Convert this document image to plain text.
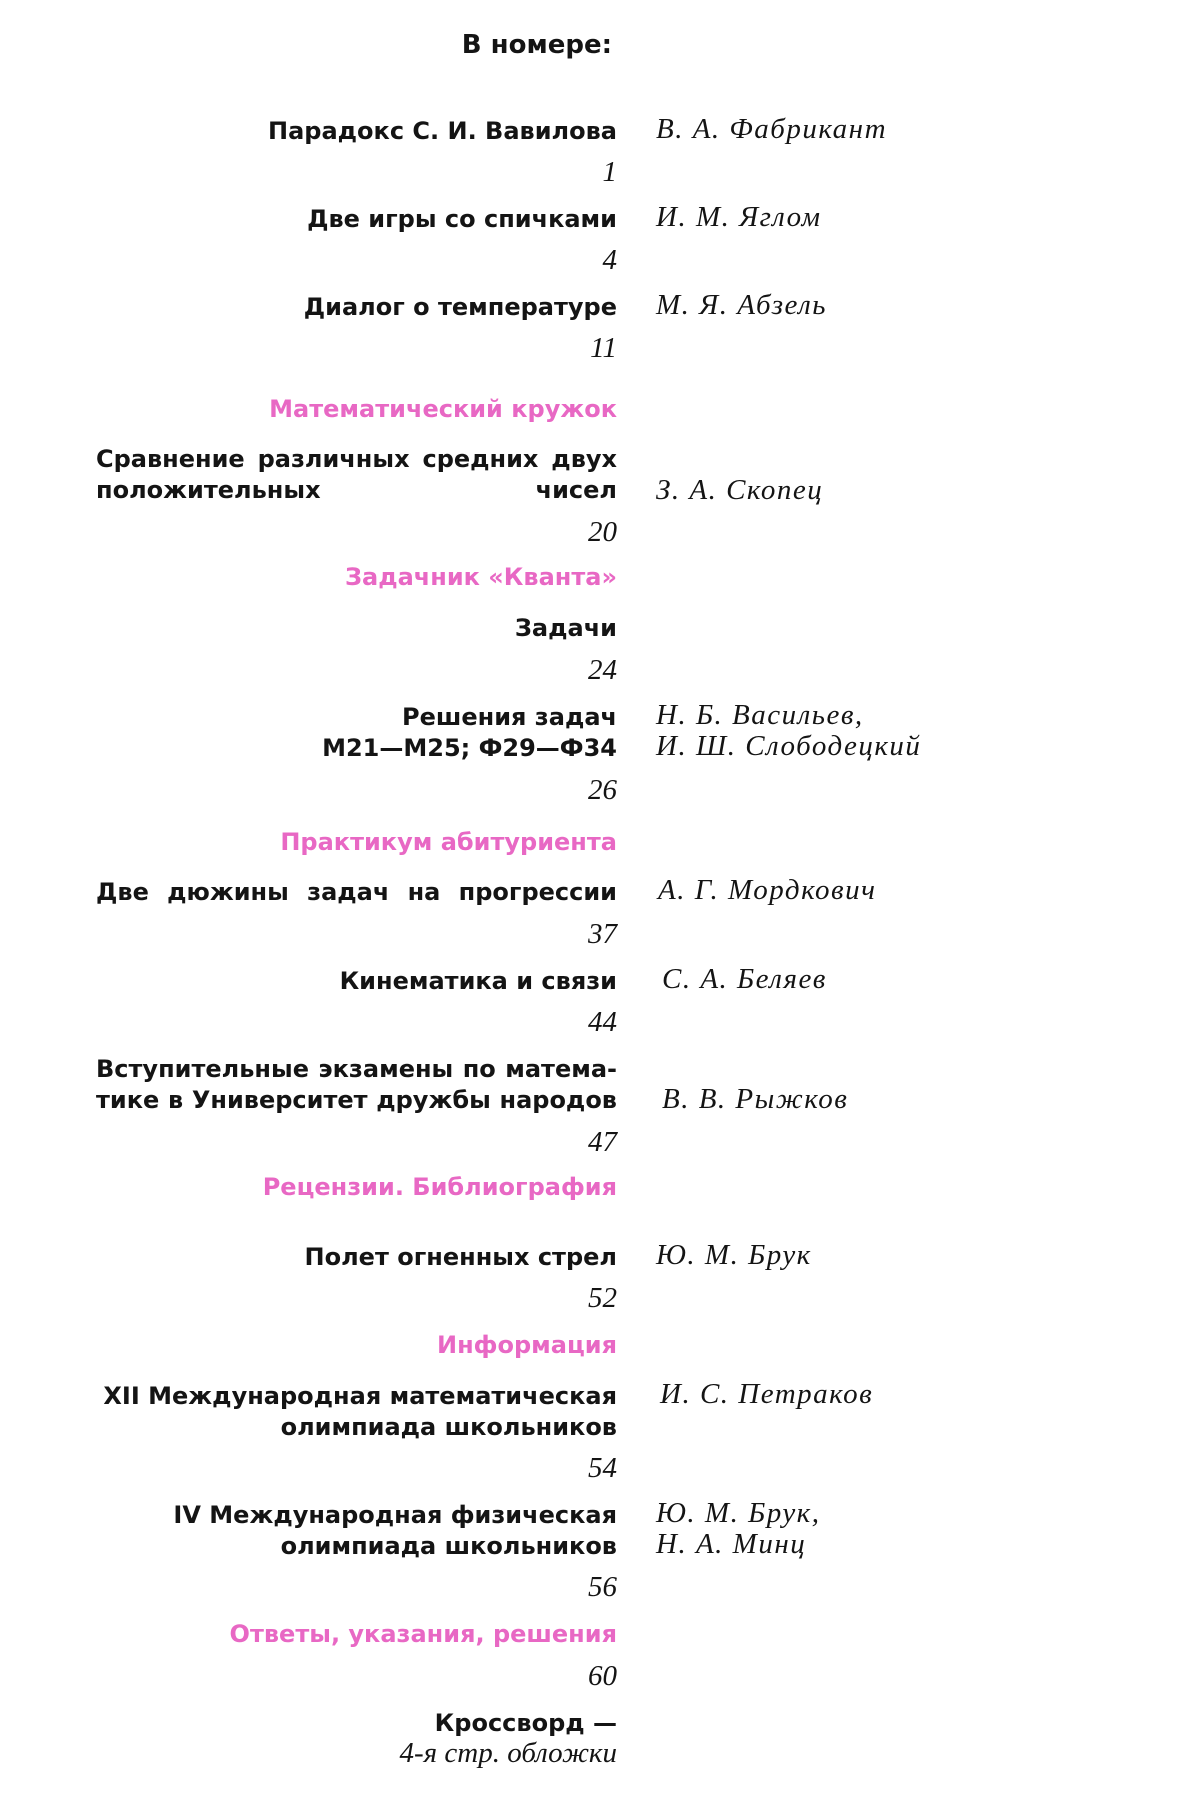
В номере:
Парадокс С. И. Вавилова В. А. Фабрикант
1
Две игры со спичками И. М. Яглом
4
Диалог о температуре М. Я. Абзель
11
Математический кружок
Сравнение различных средних двух
положительных чисел З. А. Скопец
20
Задачник «Кванта»
Задачи
24
Решения задач
М21—М25; Ф29—Ф34
Н. Б. Васильев,
И. Ш. Слободецкий
26
Практикум абитуриента
Две дюжины задач на прогрессии А. Г. Мордкович
37
Кинематика и связи С. А. Беляев
44
Вступительные экзамены по матема-
тике в Университет дружбы народов В. В. Рыжков
47
Рецензии. Библиография
Полет огненных стрел Ю. М. Брук
52
Информация
XII Международная математическая
олимпиада школьников
И. С. Петраков
54
IV Международная физическая
олимпиада школьников
Ю. М. Брук,
Н. А. Минц
56
Ответы, указания, решения
60
Кроссворд —
4-я стр. обложки
